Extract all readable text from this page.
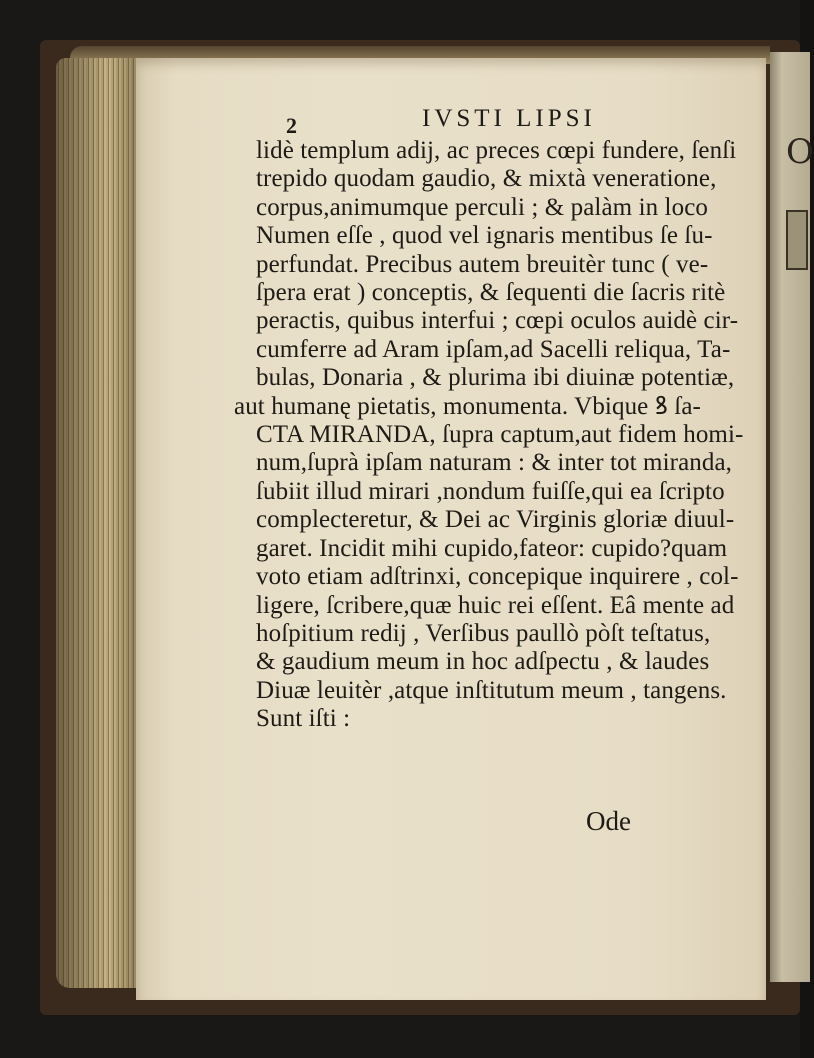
O
2	IVSTI LIPSI
lidè templum adij, ac preces cœpi fundere, ſenſi
trepido quodam gaudio, & mixtà veneratione,
corpus,animumque perculi ; & palàm in loco
Numen eſſe , quod vel ignaris mentibus ſe ſu-
perfundat. Precibus autem breuitèr tunc ( ve-
ſpera erat ) conceptis, & ſequenti die ſacris ritè
peractis, quibus interfui ; cœpi oculos auidè cir-
cumferre ad Aram ipſam,ad Sacelli reliqua, Ta-
bulas, Donaria , & plurima ibi diuinæ potentiæ,
aut humanę pietatis, monumenta. Vbique ꝸ ſa-
CTA MIRANDA, ſupra captum,aut fidem homi-
num,ſuprà ipſam naturam : & inter tot miranda,
ſubiit illud mirari ,nondum fuiſſe,qui ea ſcripto
complecteretur, & Dei ac Virginis gloriæ diuul-
garet. Incidit mihi cupido,fateor: cupido?quam
voto etiam adſtrinxi, concepique inquirere , col-
ligere, ſcribere,quæ huic rei eſſent. Eâ mente ad
hoſpitium redij , Verſibus paullò pòſt teſtatus,
& gaudium meum in hoc adſpectu , & laudes
Diuæ leuitèr ,atque inſtitutum meum , tangens.
Sunt iſti :
Ode
